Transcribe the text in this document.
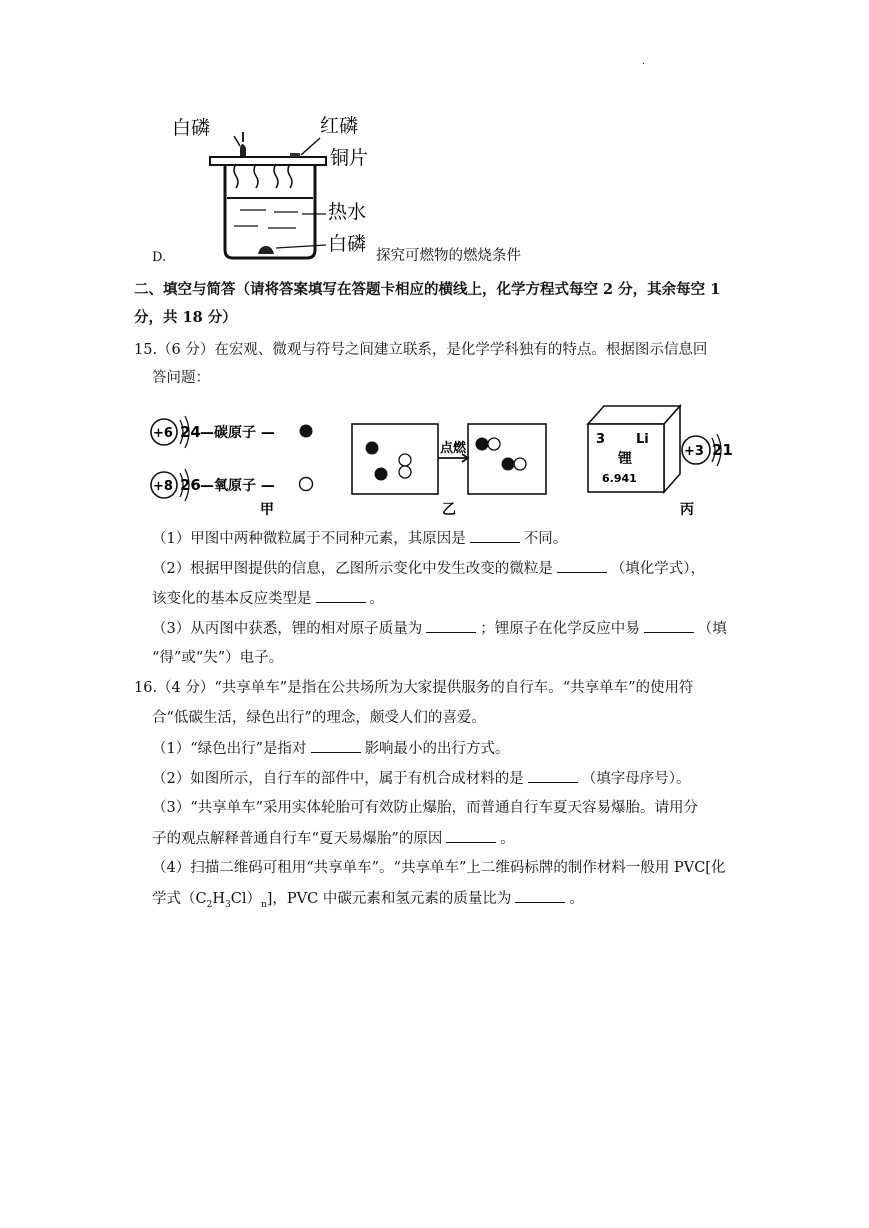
.
白磷	红磷
铜片
热水
白磷
D.	探究可燃物的燃烧条件
二、填空与简答（请将答案填写在答题卡相应的横线上，化学方程式每空 2 分，其余每空 1
分，共 18 分）
15.（6 分）在宏观、微观与符号之间建立联系，是化学学科独有的特点。根据图示信息回
答问题：
+6 24 —碳原子 —
+8 26 —氧原子 —
甲
点燃
乙
3 Li
锂
6.941
+3 21
丙
（1）甲图中两种微粒属于不同种元素，其原因是	不同。
（2）根据甲图提供的信息，乙图所示变化中发生改变的微粒是	（填化学式），
该变化的基本反应类型是	。
（3）从丙图中获悉，锂的相对原子质量为	；锂原子在化学反应中易	（填
“得”或“失”）电子。
16.（4 分）“共享单车”是指在公共场所为大家提供服务的自行车。“共享单车”的使用符
合“低碳生活，绿色出行”的理念，颇受人们的喜爱。
（1）“绿色出行”是指对	影响最小的出行方式。
（2）如图所示，自行车的部件中，属于有机合成材料的是	（填字母序号）。
（3）“共享单车”采用实体轮胎可有效防止爆胎，而普通自行车夏天容易爆胎。请用分
子的观点解释普通自行车“夏天易爆胎”的原因	。
（4）扫描二维码可租用“共享单车”。“共享单车”上二维码标牌的制作材料一般用 PVC[化
学式$(C_2H_3Cl)_n$]，PVC 中碳元素和氢元素的质量比为	。
